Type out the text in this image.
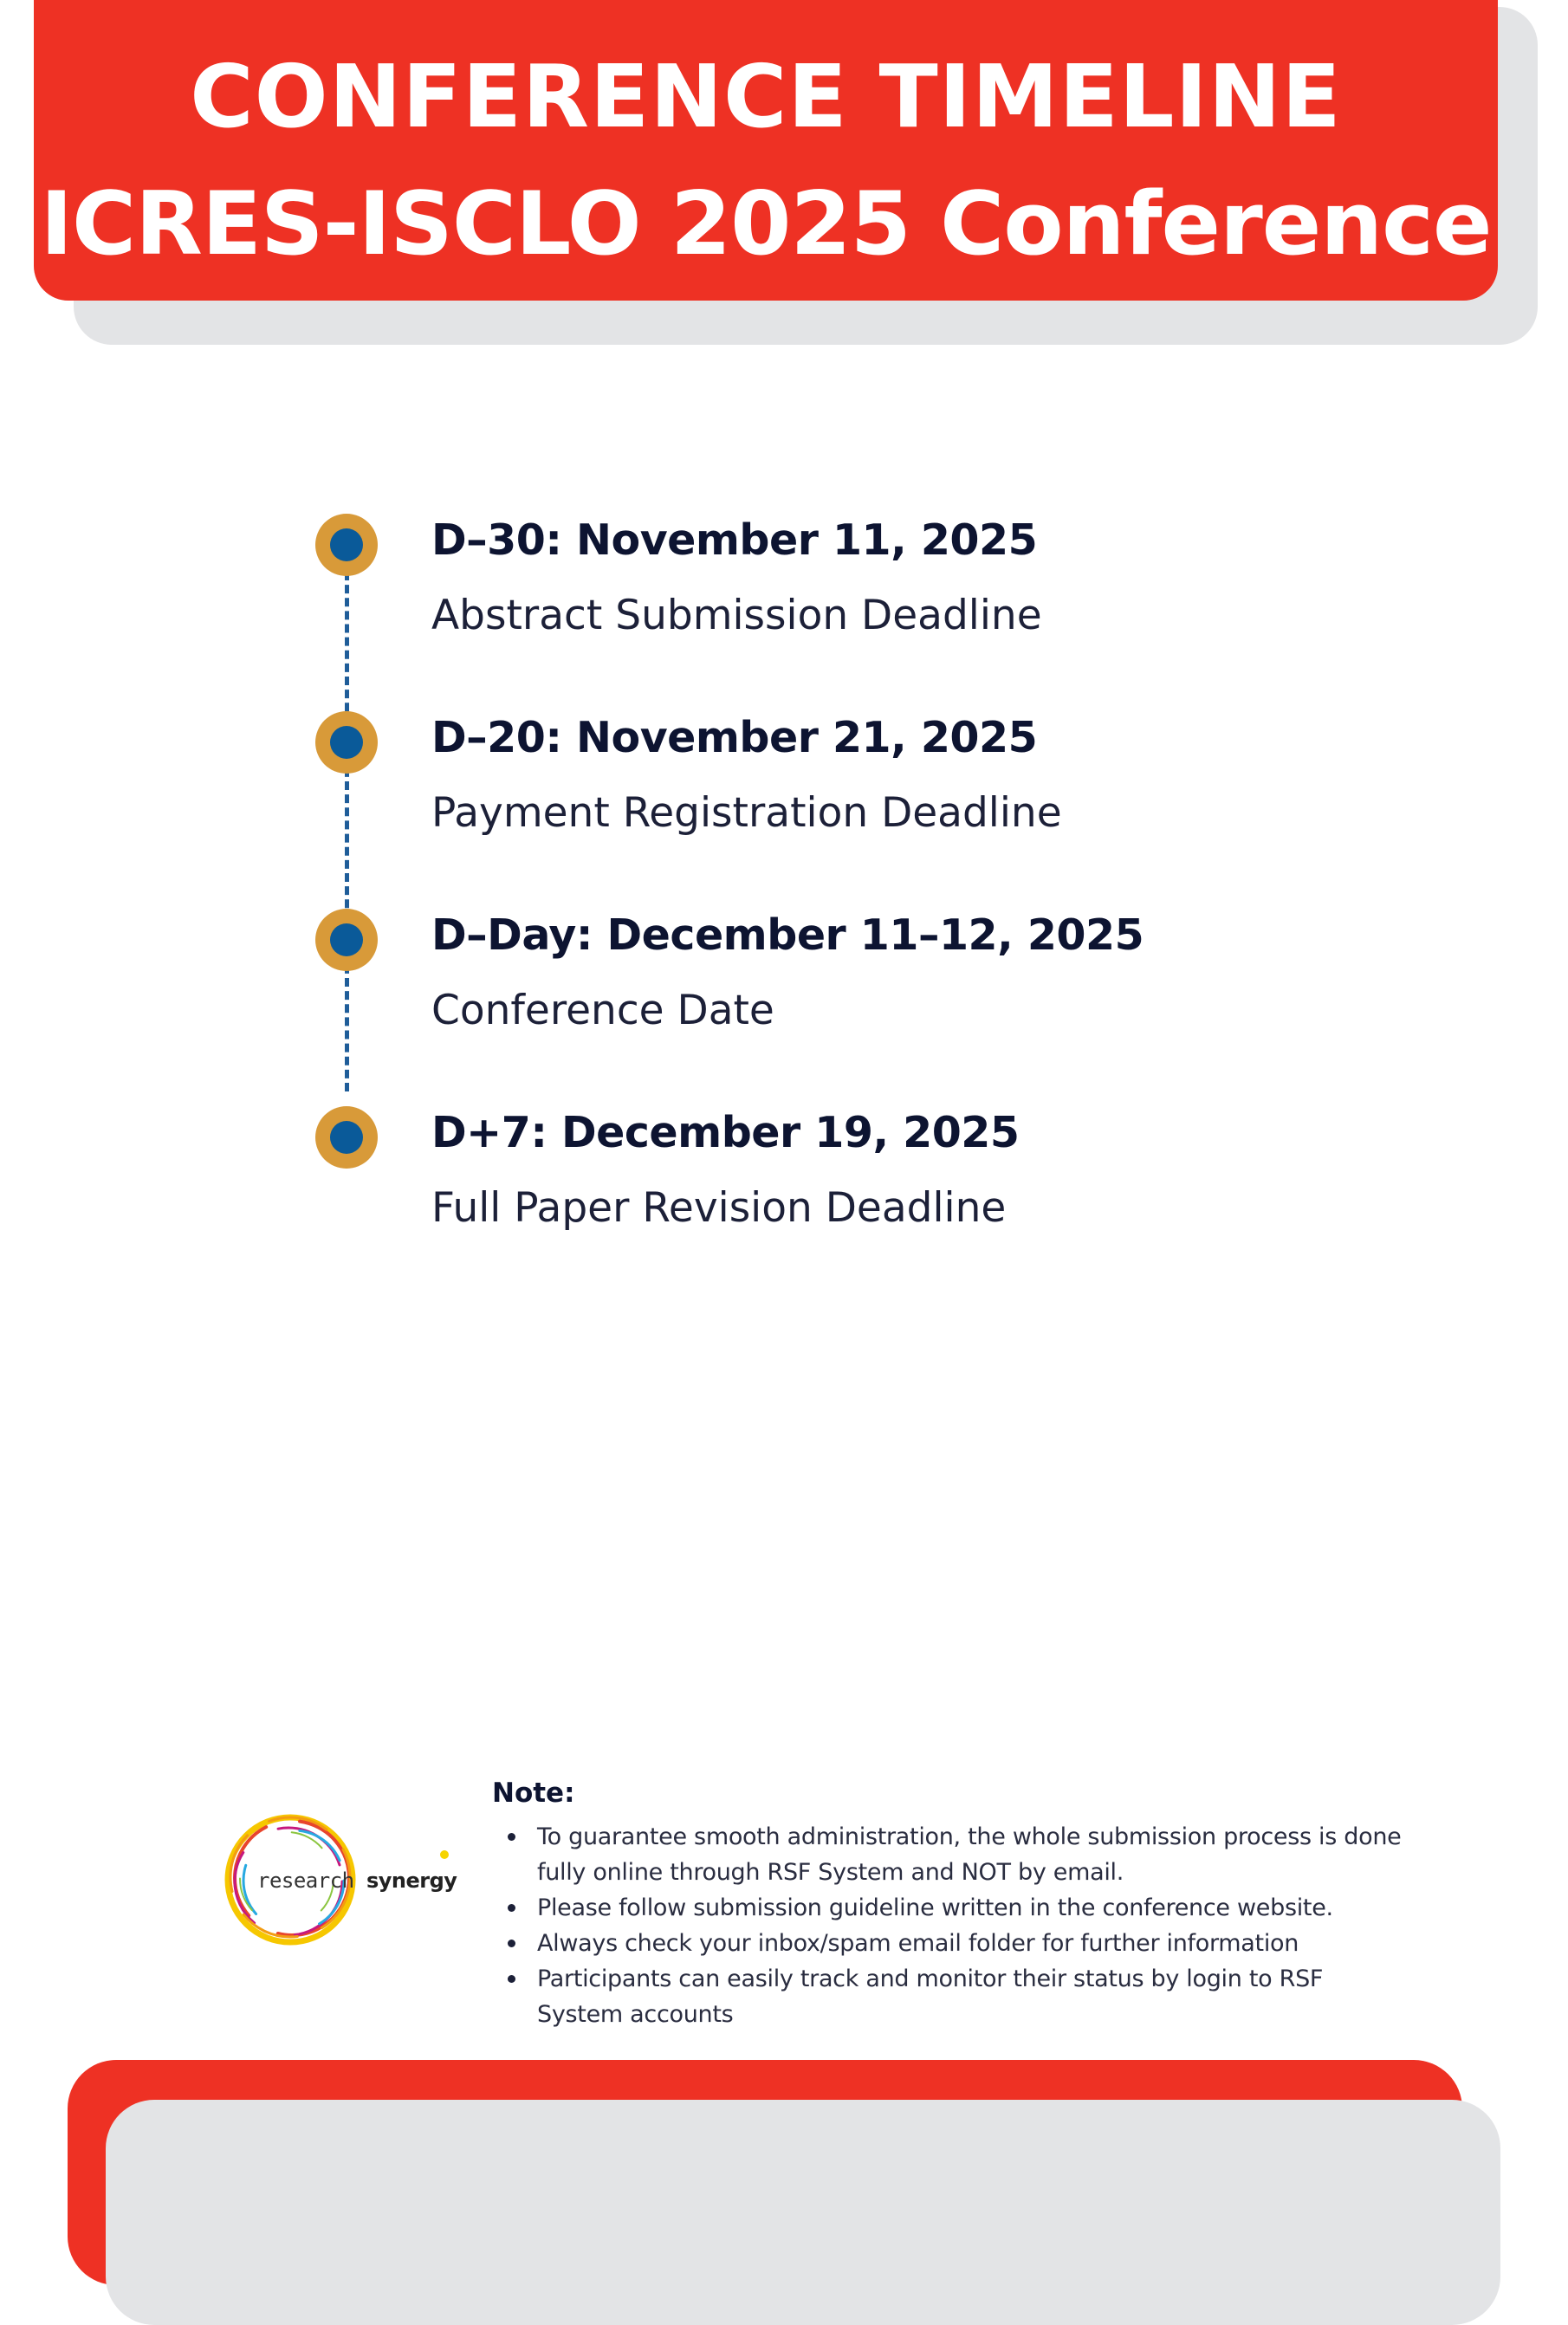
CONFERENCE TIMELINE
ICRES-ISCLO 2025 Conference
D–30: November 11, 2025
Abstract Submission Deadline
D–20: November 21, 2025
Payment Registration Deadline
D–Day: December 11–12, 2025
Conference Date
D+7: December 19, 2025
Full Paper Revision Deadline
research synergy
Note:
To guarantee smooth administration, the whole submission process is done fully online through RSF System and NOT by email.
Please follow submission guideline written in the conference website.
Always check your inbox/spam email folder for further information
Participants can easily track and monitor their status by login to RSF System accounts
